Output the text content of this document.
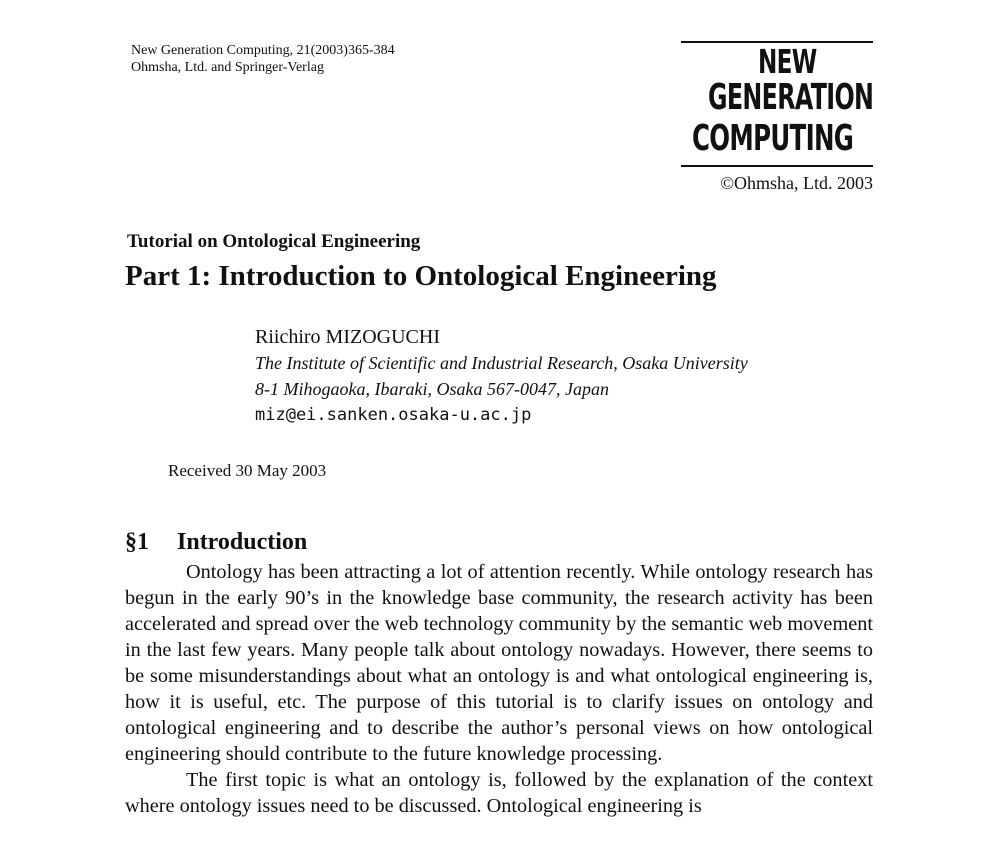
New Generation Computing, 21(2003)365-384
Ohmsha, Ltd. and Springer-Verlag	NEW
GENERATION
COMPUTING
©Ohmsha, Ltd. 2003
Tutorial on Ontological Engineering
Part 1: Introduction to Ontological Engineering
Riichiro MIZOGUCHI
The Institute of Scientific and Industrial Research, Osaka University
8-1 Mihogaoka, Ibaraki, Osaka 567-0047, Japan
miz@ei.sanken.osaka-u.ac.jp
Received 30 May 2003
§1 Introduction

Ontology has been attracting a lot of attention recently. While ontology research has begun in the early 90’s in the knowledge base community, the research activity has been accelerated and spread over the web technology community by the semantic web movement in the last few years. Many people talk about ontology nowadays. However, there seems to be some misunderstandings about what an ontology is and what ontological engineering is, how it is useful, etc. The purpose of this tutorial is to clarify issues on ontology and ontological engineering and to describe the author’s personal views on how ontological engineering should contribute to the future knowledge processing.

The first topic is what an ontology is, followed by the explanation of the context where ontology issues need to be discussed. Ontological engineering is
